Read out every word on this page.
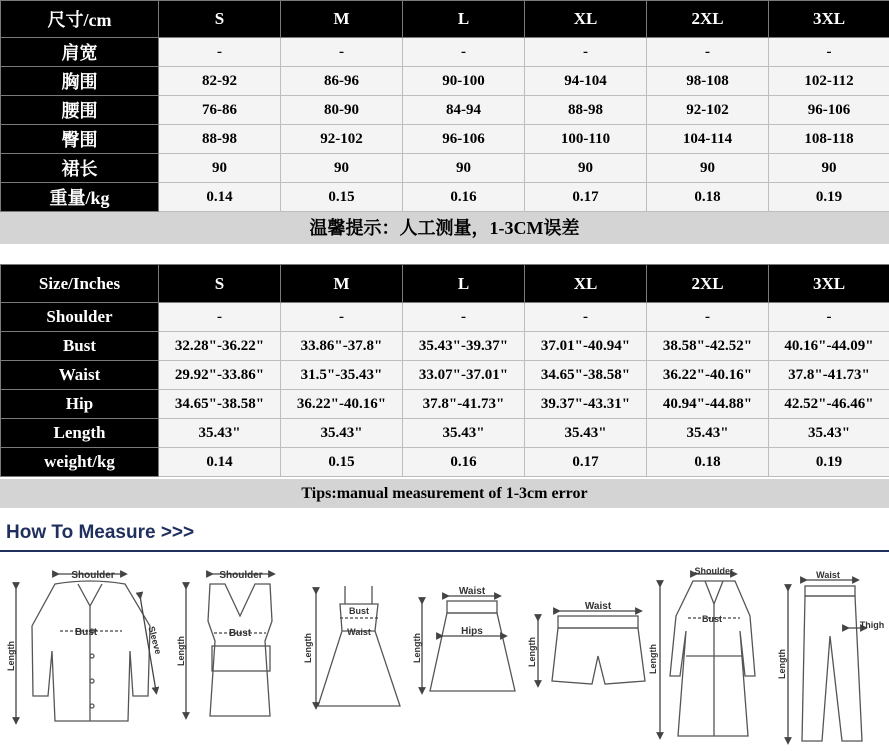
尺寸/cm	S	M	L	XL	2XL	3XL
肩宽	-	-	-	-	-	-
胸围	82-92	86-96	90-100	94-104	98-108	102-112
腰围	76-86	80-90	84-94	88-98	92-102	96-106
臀围	88-98	92-102	96-106	100-110	104-114	108-118
裙长	90	90	90	90	90	90
重量/kg	0.14	0.15	0.16	0.17	0.18	0.19
温馨提示：人工测量，1-3CM误差
Size/Inches	S	M	L	XL	2XL	3XL
Shoulder	-	-	-	-	-	-
Bust	32.28"-36.22"	33.86"-37.8"	35.43"-39.37"	37.01"-40.94"	38.58"-42.52"	40.16"-44.09"
Waist	29.92"-33.86"	31.5"-35.43"	33.07"-37.01"	34.65"-38.58"	36.22"-40.16"	37.8"-41.73"
Hip	34.65"-38.58"	36.22"-40.16"	37.8"-41.73"	39.37"-43.31"	40.94"-44.88"	42.52"-46.46"
Length	35.43"	35.43"	35.43"	35.43"	35.43"	35.43"
weight/kg	0.14	0.15	0.16	0.17	0.18	0.19
Tips:manual measurement of 1-3cm error
How To Measure >>>
Shoulder
Bust
Length
Sleeve
Shoulder
Bust
Length
Bust
Waist
Length
Waist
Hips
Length
Waist
Length
Shoulder
Bust
Length
Waist
Thigh
Length
